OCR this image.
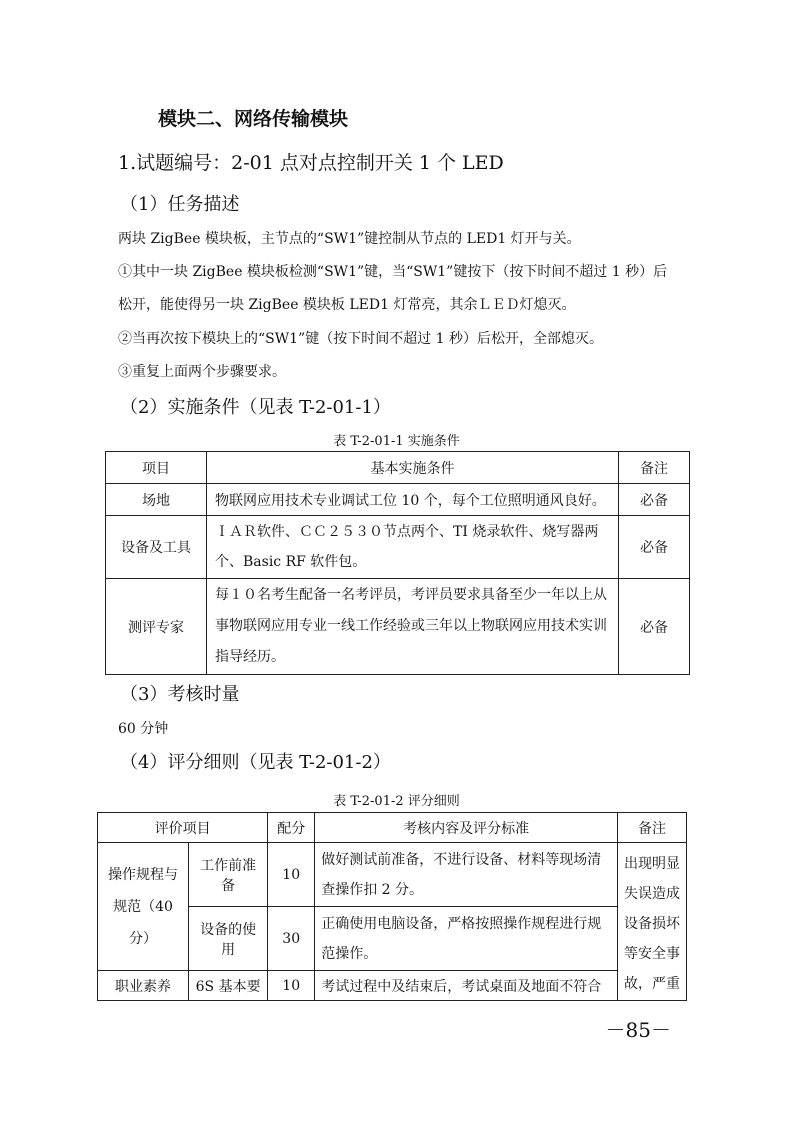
模块二、网络传输模块
1.试题编号：2-01 点对点控制开关 1 个 LED
（1）任务描述

两块 ZigBee 模块板，主节点的“SW1”键控制从节点的 LED1 灯开与关。

①其中一块 ZigBee 模块板检测“SW1”键，当“SW1”键按下（按下时间不超过 1 秒）后

松开，能使得另一块 ZigBee 模块板 LED1 灯常亮，其余ＬＥＤ灯熄灭。

②当再次按下模块上的“SW1”键（按下时间不超过 1 秒）后松开，全部熄灭。

③重复上面两个步骤要求。

（2）实施条件（见表 T-2-01-1）

表 T-2-01-1 实施条件

项目	基本实施条件	备注
场地	物联网应用技术专业调试工位 10 个，每个工位照明通风良好。	必备
设备及工具	ＩＡＲ软件、ＣＣ２５３０节点两个、TI 烧录软件、烧写器两个、Basic RF 软件包。	必备
测评专家	每１０名考生配备一名考评员，考评员要求具备至少一年以上从事物联网应用专业一线工作经验或三年以上物联网应用技术实训指导经历。	必备
（3）考核时量

60 分钟

（4）评分细则（见表 T-2-01-2）

表 T-2-01-2 评分细则

评价项目		配分	考核内容及评分标准	备注
操作规程与规范（40分）	工作前准备	10	做好测试前准备，不进行设备、材料等现场清查操作扣 2 分。	出现明显失误造成设备损坏等安全事故，严重
	设备的使用	30	正确使用电脑设备，严格按照操作规程进行规范操作。	
职业素养	6S 基本要	10	考试过程中及结束后，考试桌面及地面不符合	
－85－
